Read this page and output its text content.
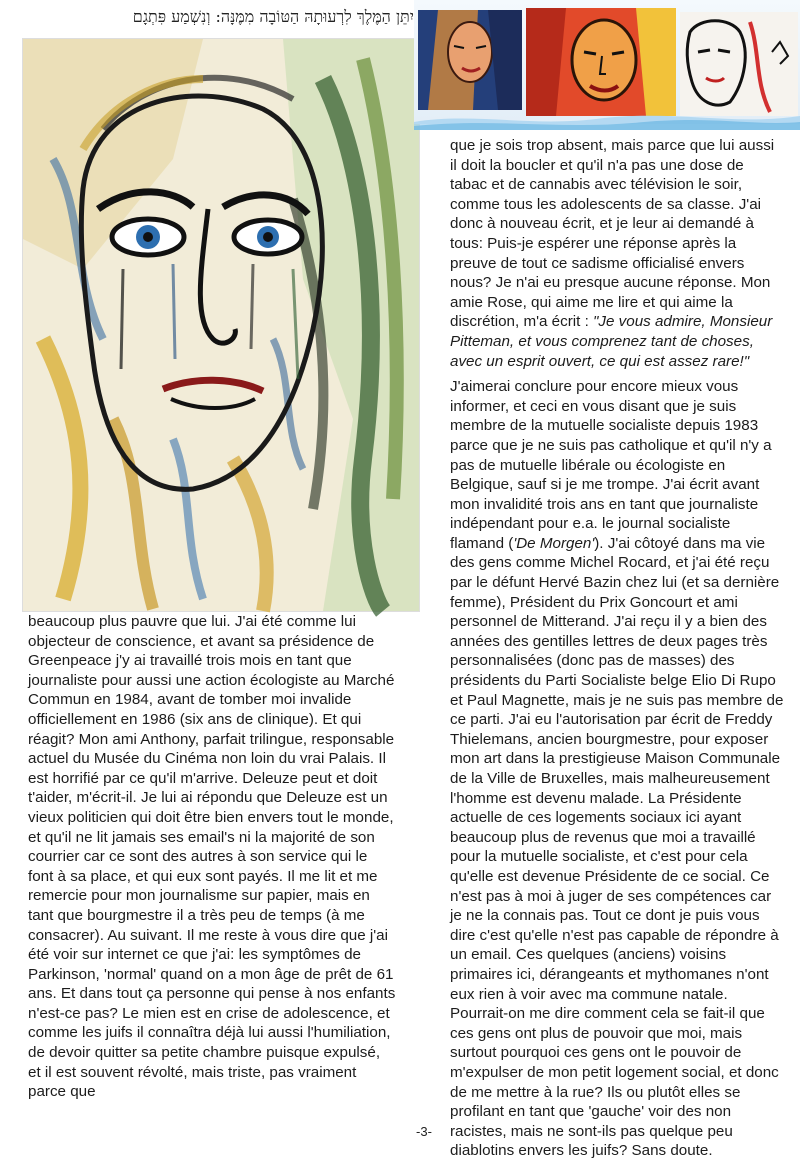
יִתֵּן הַמֶּלֶךְ לִרְעוּתָהּ הַטּוֹבָה מִמֶּנָּה: וְנִשְׁמַע פִּתְגָם

beaucoup plus pauvre que lui. J'ai été comme lui objecteur de conscience, et avant sa présidence de Greenpeace j'y ai travaillé trois mois en tant que journaliste pour aussi une action écologiste au Marché Commun en 1984, avant de tomber moi invalide officiellement en 1986 (six ans de clinique). Et qui réagit? Mon ami Anthony, parfait trilingue, responsable actuel du Musée du Cinéma non loin du vrai Palais. Il est horrifié par ce qu'il m'arrive. Deleuze peut et doit t'aider, m'écrit-il. Je lui ai répondu que Deleuze est un vieux politicien qui doit être bien envers tout le monde, et qu'il ne lit jamais ses email's ni la majorité de son courrier car ce sont des autres à son service qui le font à sa place, et qui eux sont payés. Il me lit et me remercie pour mon journalisme sur papier, mais en tant que bourgmestre il a très peu de temps (à me consacrer). Au suivant. Il me reste à vous dire que j'ai été voir sur internet ce que j'ai: les symptômes de Parkinson, 'normal' quand on a mon âge de prêt de 61 ans. Et dans tout ça personne qui pense à nos enfants n'est-ce pas? Le mien est en crise de adolescence, et comme les juifs il connaîtra déjà lui aussi l'humiliation, de devoir quitter sa petite chambre puisque expulsé, et il est souvent révolté, mais triste, pas vraiment parce que

que je sois trop absent, mais parce que lui aussi il doit la boucler et qu'il n'a pas une dose de tabac et de cannabis avec télévision le soir, comme tous les adolescents de sa classe. J'ai donc à nouveau écrit, et je leur ai demandé à tous: Puis-je espérer une réponse après la preuve de tout ce sadisme officialisé envers nous? Je n'ai eu presque aucune réponse. Mon amie Rose, qui aime me lire et qui aime la discrétion, m'a écrit : "Je vous admire, Monsieur Pitteman, et vous comprenez tant de choses, avec un esprit ouvert, ce qui est assez rare!"

J'aimerai conclure pour encore mieux vous informer, et ceci en vous disant que je suis membre de la mutuelle socialiste depuis 1983 parce que je ne suis pas catholique et qu'il n'y a pas de mutuelle libérale ou écologiste en Belgique, sauf si je me trompe. J'ai écrit avant mon invalidité trois ans en tant que journaliste indépendant pour e.a. le journal socialiste flamand ('De Morgen'). J'ai côtoyé dans ma vie des gens comme Michel Rocard, et j'ai été reçu par le défunt Hervé Bazin chez lui (et sa dernière femme), Président du Prix Goncourt et ami personnel de Mitterand. J'ai reçu il y a bien des années des gentilles lettres de deux pages très personnalisées (donc pas de masses) des présidents du Parti Socialiste belge Elio Di Rupo et Paul Magnette, mais je ne suis pas membre de ce parti. J'ai eu l'autorisation par écrit de Freddy Thielemans, ancien bourgmestre, pour exposer mon art dans la prestigieuse Maison Communale de la Ville de Bruxelles, mais malheureusement l'homme est devenu malade. La Présidente actuelle de ces logements sociaux ici ayant beaucoup plus de revenus que moi a travaillé pour la mutuelle socialiste, et c'est pour cela qu'elle est devenue Présidente de ce social. Ce n'est pas à moi à juger de ses compétences car je ne la connais pas. Tout ce dont je puis vous dire c'est qu'elle n'est pas capable de répondre à un email. Ces quelques (anciens) voisins primaires ici, dérangeants et mythomanes n'ont eux rien à voir avec ma commune natale. Pourrait-on me dire comment cela se fait-il que ces gens ont plus de pouvoir que moi, mais surtout pourquoi ces gens ont le pouvoir de m'expulser de mon petit logement social, et donc de me mettre à la rue? Ils ou plutôt elles se profilant en tant que 'gauche' voir des non racistes, mais ne sont-ils pas quelque peu diablotins envers les juifs? Sans doute.

-3-
